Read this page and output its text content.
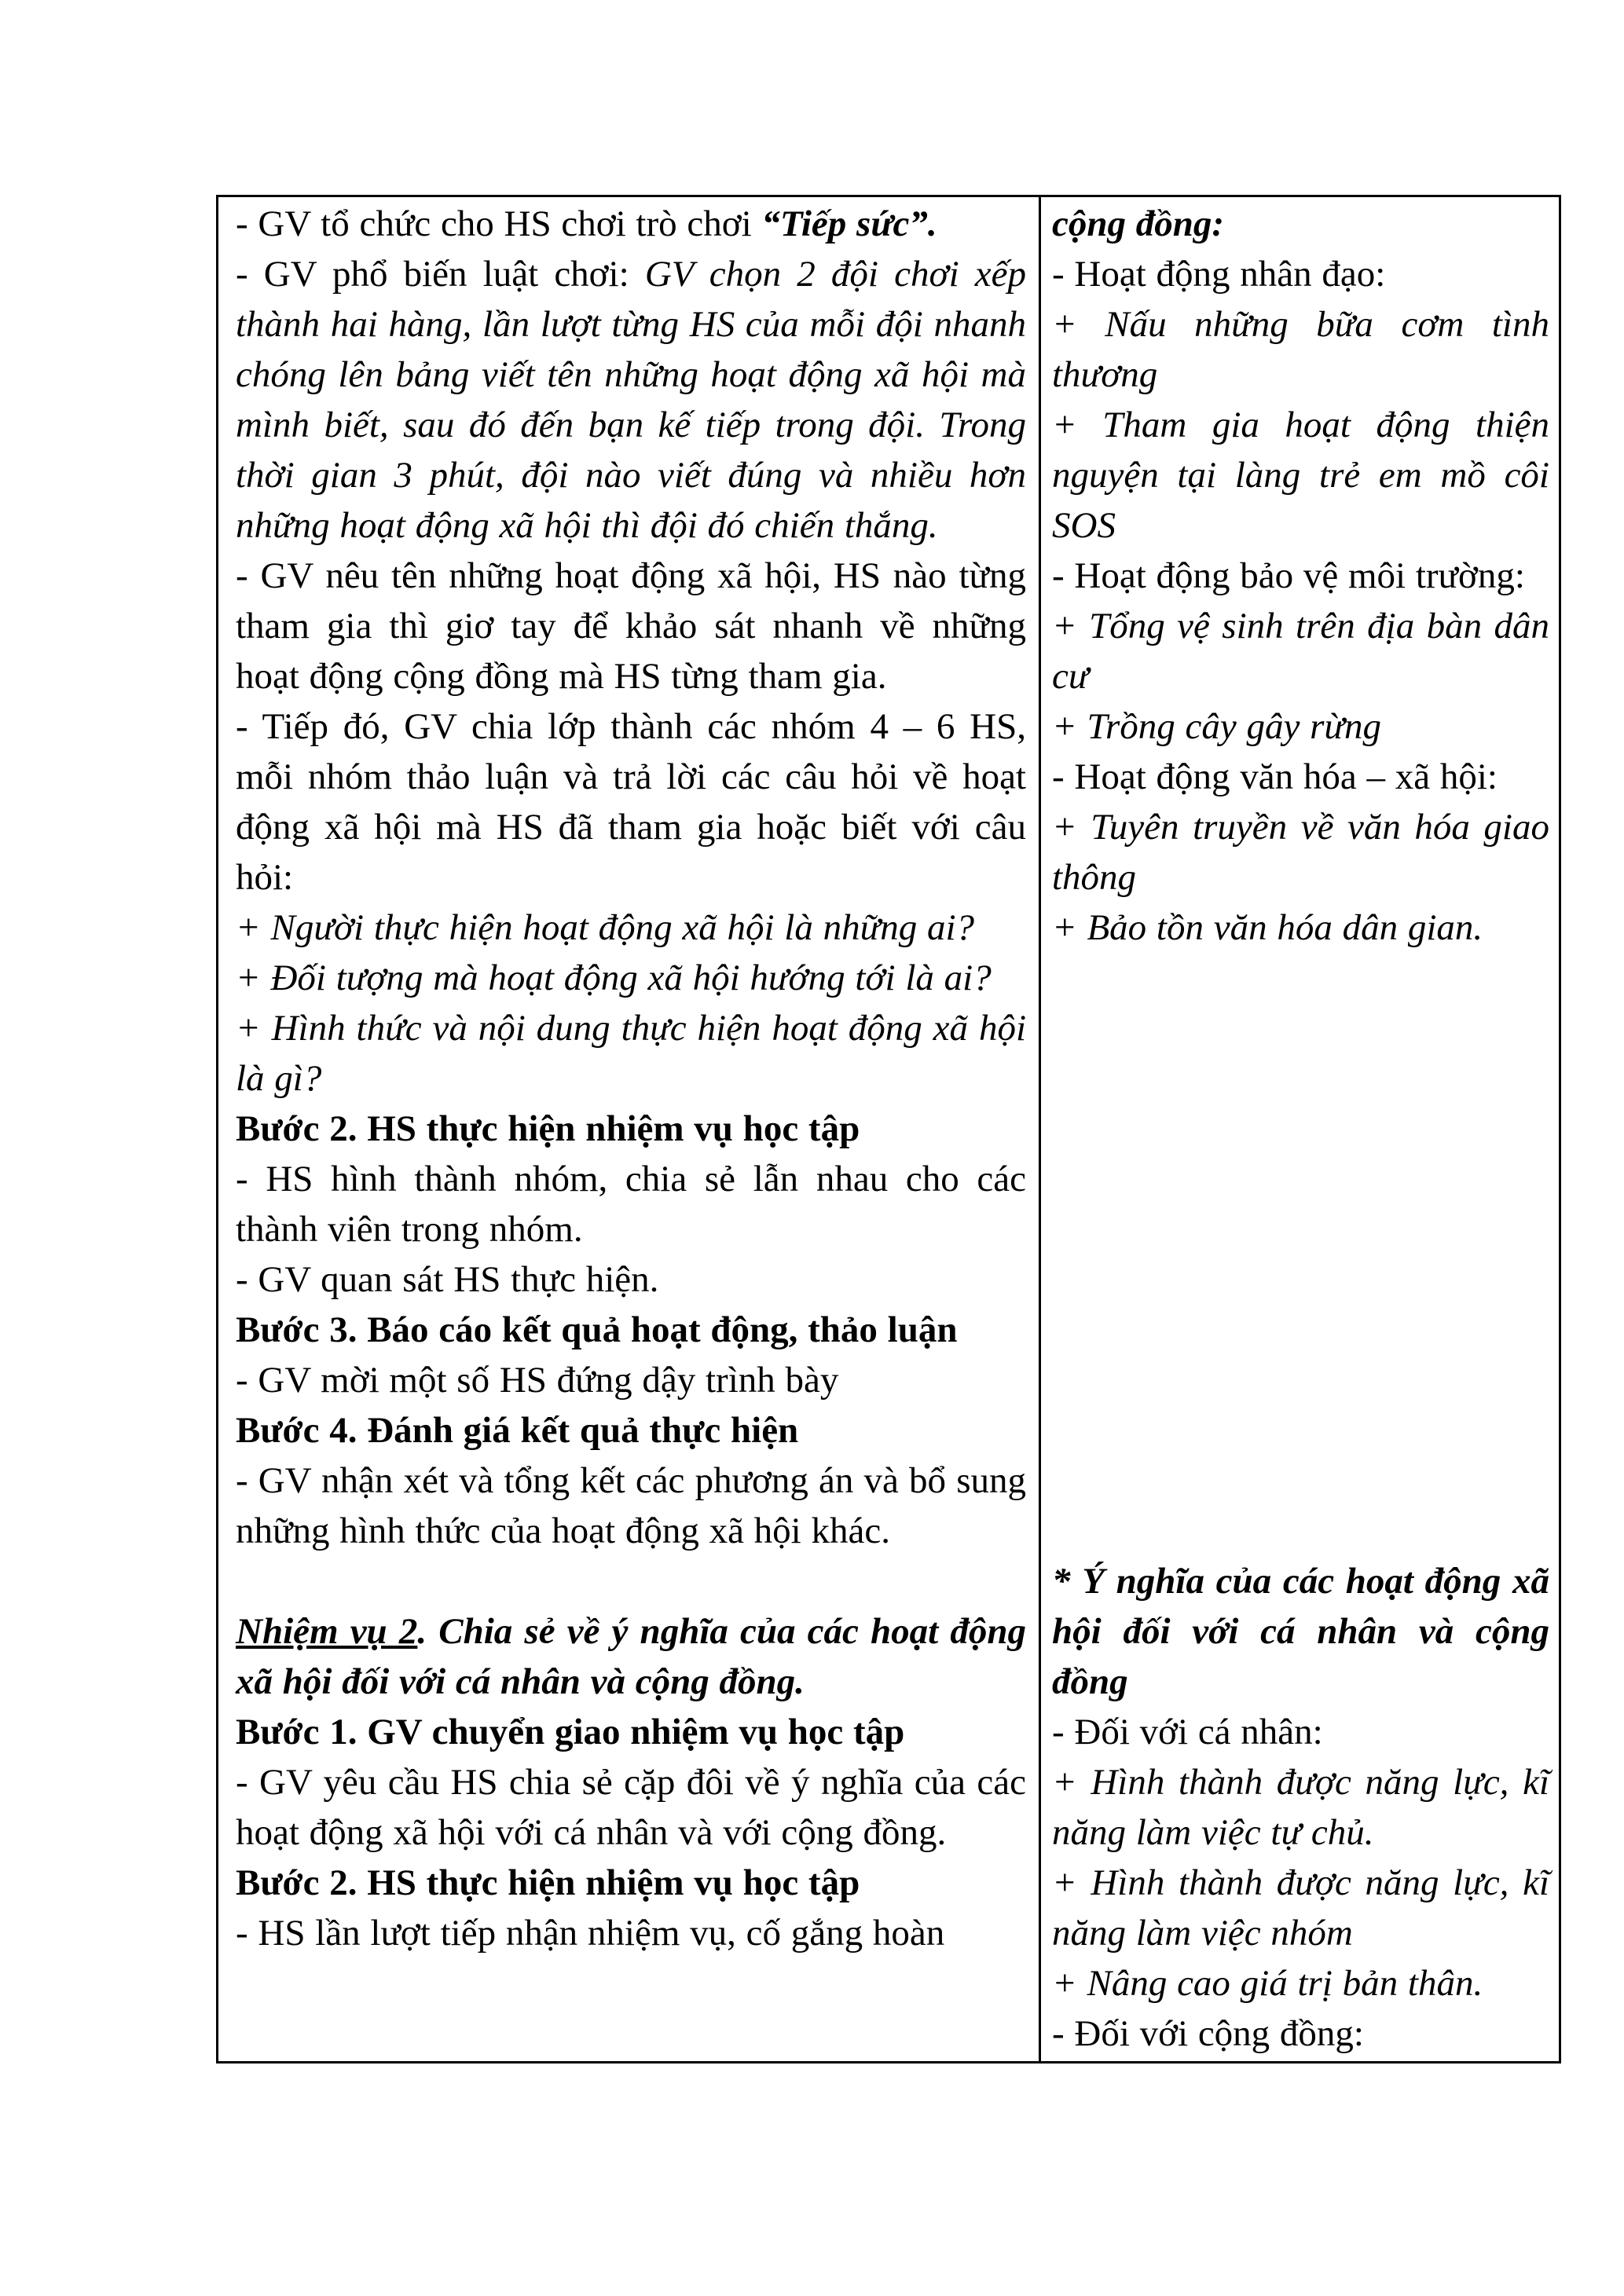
- GV tổ chức cho HS chơi trò chơi “Tiếp sức”.

- GV phổ biến luật chơi: GV chọn 2 đội chơi xếp thành hai hàng, lần lượt từng HS của mỗi đội nhanh chóng lên bảng viết tên những hoạt động xã hội mà mình biết, sau đó đến bạn kế tiếp trong đội. Trong thời gian 3 phút, đội nào viết đúng và nhiều hơn những hoạt động xã hội thì đội đó chiến thắng.

- GV nêu tên những hoạt động xã hội, HS nào từng tham gia thì giơ tay để khảo sát nhanh về những hoạt động cộng đồng mà HS từng tham gia.

- Tiếp đó, GV chia lớp thành các nhóm 4 – 6 HS, mỗi nhóm thảo luận và trả lời các câu hỏi về hoạt động xã hội mà HS đã tham gia hoặc biết với câu hỏi:

+ Người thực hiện hoạt động xã hội là những ai?

+ Đối tượng mà hoạt động xã hội hướng tới là ai?

+ Hình thức và nội dung thực hiện hoạt động xã hội là gì?

Bước 2. HS thực hiện nhiệm vụ học tập

- HS hình thành nhóm, chia sẻ lẫn nhau cho các thành viên trong nhóm.

- GV quan sát HS thực hiện.

Bước 3. Báo cáo kết quả hoạt động, thảo luận

- GV mời một số HS đứng dậy trình bày

Bước 4. Đánh giá kết quả thực hiện

- GV nhận xét và tổng kết các phương án và bổ sung những hình thức của hoạt động xã hội khác.

Nhiệm vụ 2. Chia sẻ về ý nghĩa của các hoạt động xã hội đối với cá nhân và cộng đồng.

Bước 1. GV chuyển giao nhiệm vụ học tập

- GV yêu cầu HS chia sẻ cặp đôi về ý nghĩa của các hoạt động xã hội với cá nhân và với cộng đồng.

Bước 2. HS thực hiện nhiệm vụ học tập

- HS lần lượt tiếp nhận nhiệm vụ, cố gắng hoàn

cộng đồng:

- Hoạt động nhân đạo:

+ Nấu những bữa cơm tình thương

+ Tham gia hoạt động thiện nguyện tại làng trẻ em mồ côi SOS

- Hoạt động bảo vệ môi trường:

+ Tổng vệ sinh trên địa bàn dân cư

+ Trồng cây gây rừng

- Hoạt động văn hóa – xã hội:

+ Tuyên truyền về văn hóa giao thông

+ Bảo tồn văn hóa dân gian.

* Ý nghĩa của các hoạt động xã hội đối với cá nhân và cộng đồng

- Đối với cá nhân:

+ Hình thành được năng lực, kĩ năng làm việc tự chủ.

+ Hình thành được năng lực, kĩ năng làm việc nhóm

+ Nâng cao giá trị bản thân.

- Đối với cộng đồng:
